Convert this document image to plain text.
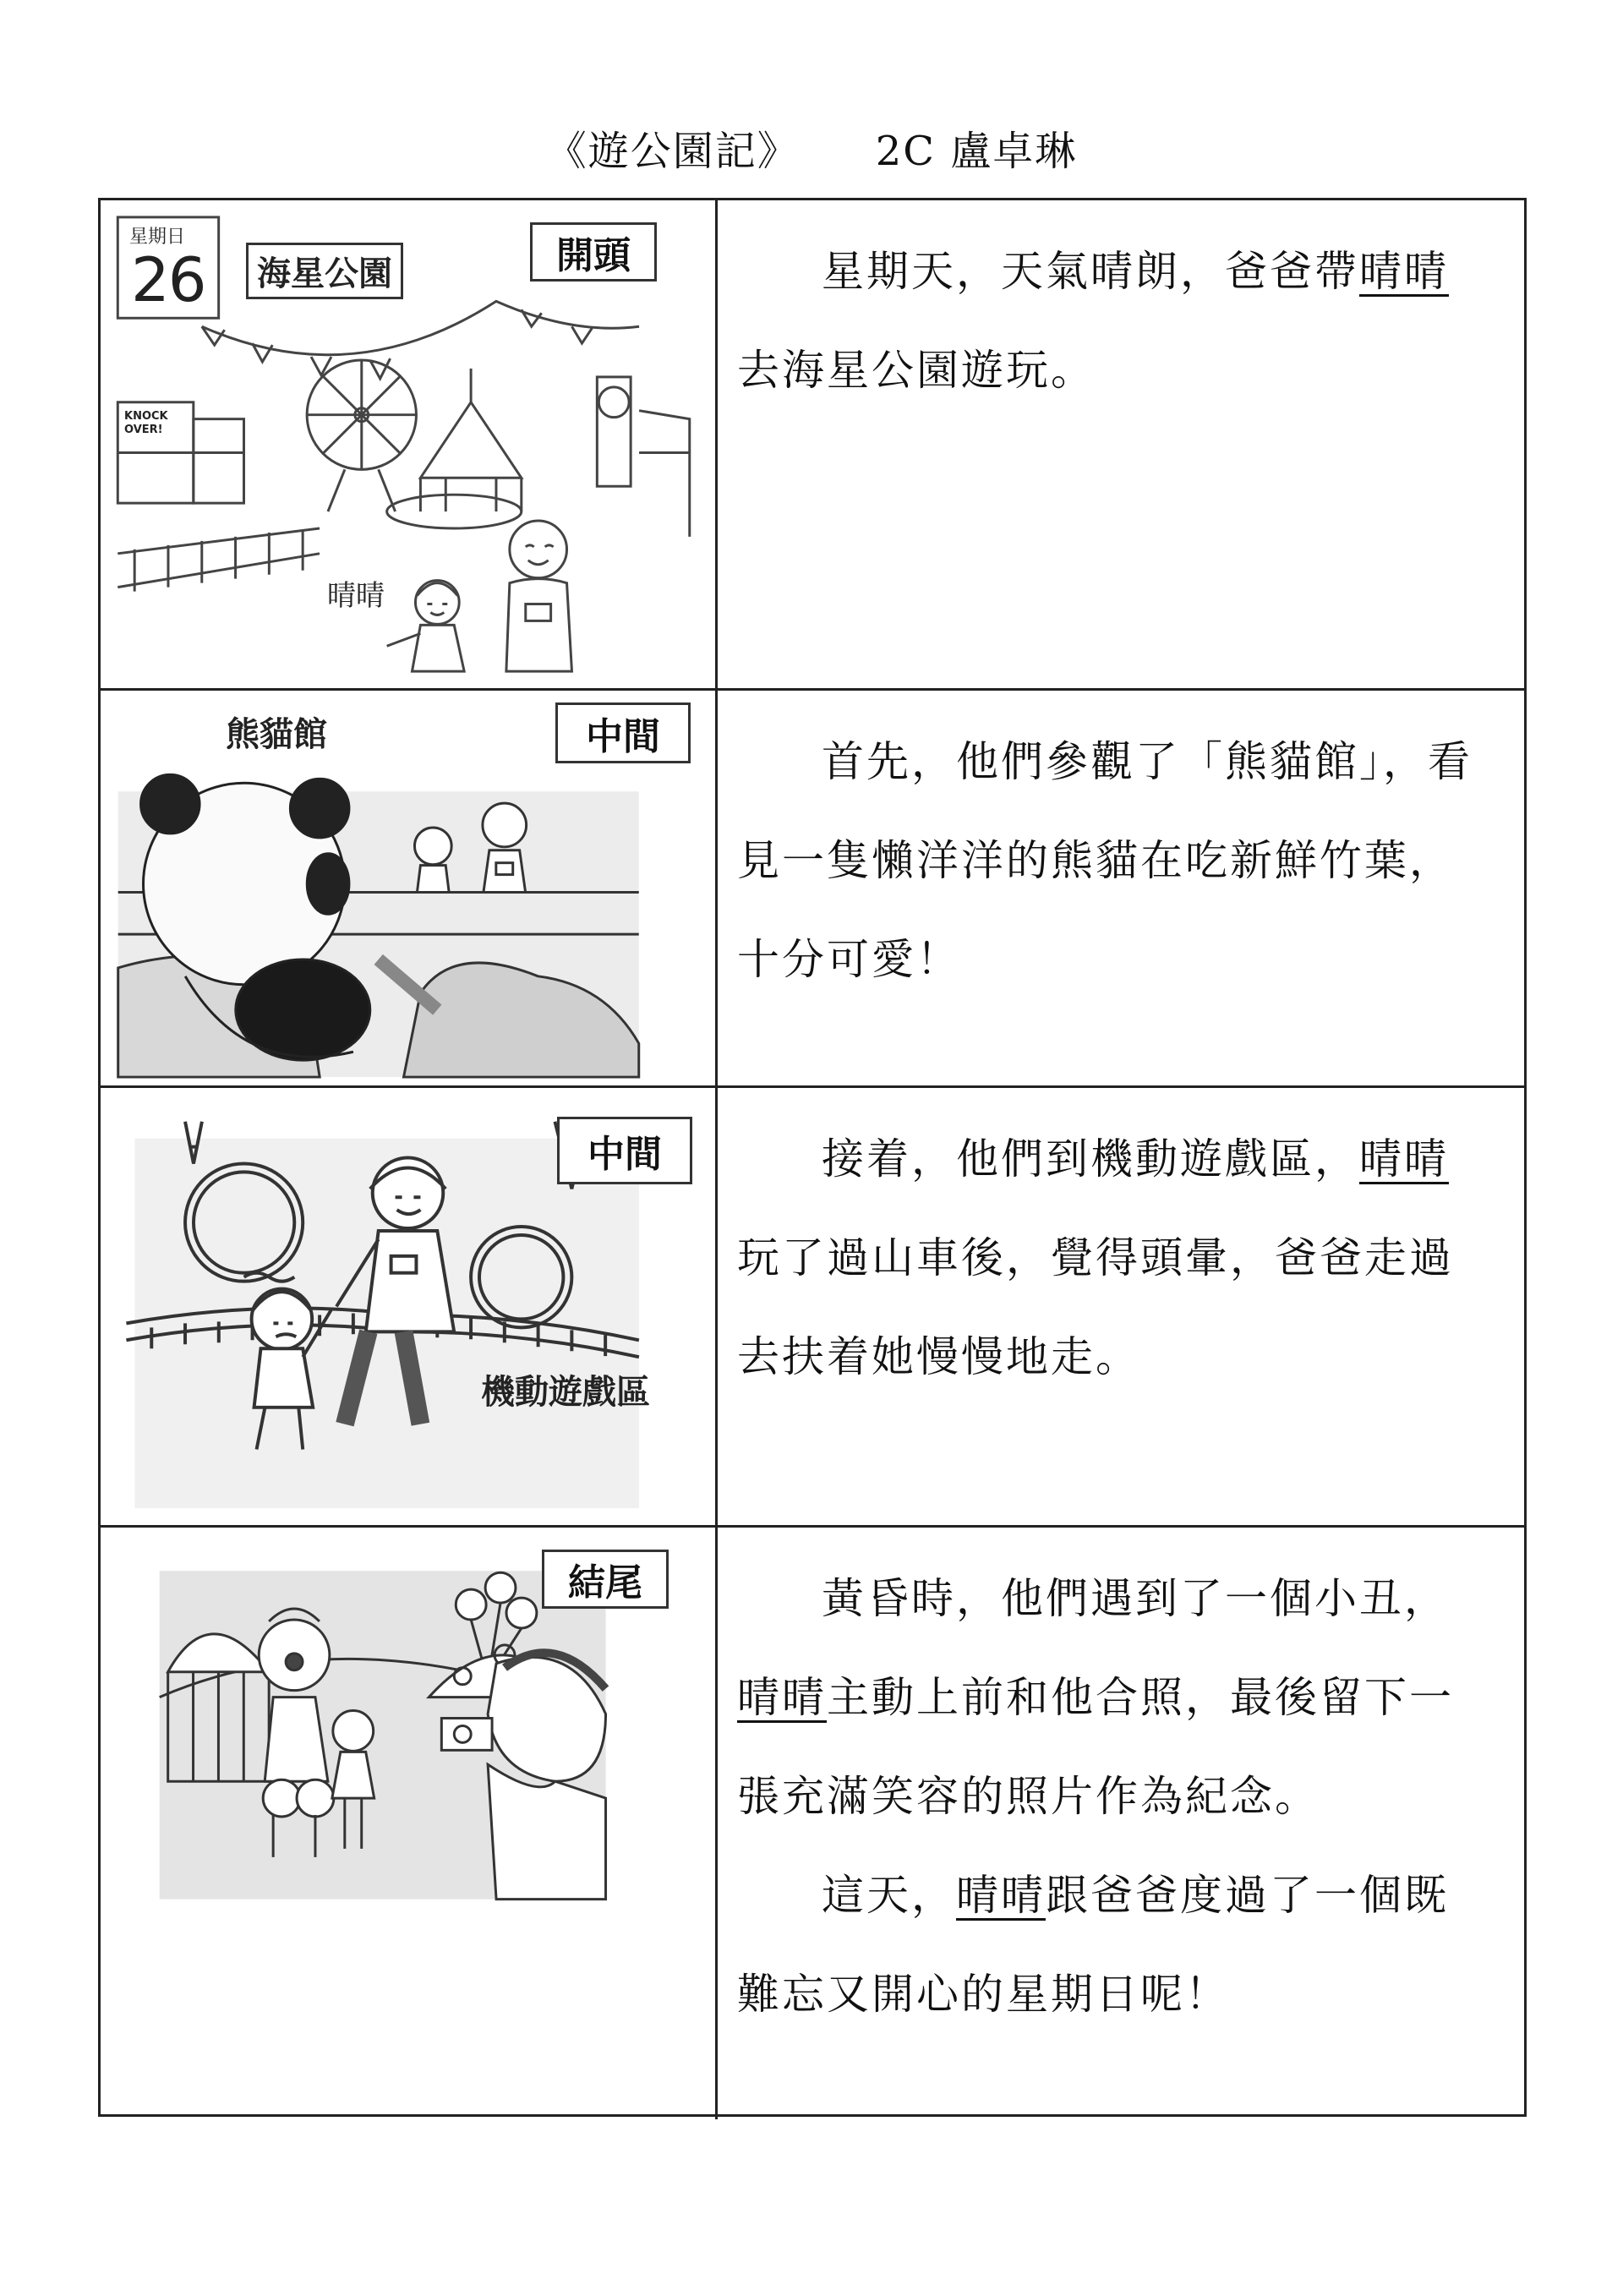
《遊公園記》 2C 盧卓琳
星期日
26	海星公園
KNOCK OVER!
晴晴
開頭	星期天，天氣晴朗，爸爸帶晴晴去海星公園遊玩。

熊貓館	中間

首先，他們參觀了「熊貓館」，看見一隻懶洋洋的熊貓在吃新鮮竹葉，十分可愛！

機動遊戲區
中間	接着，他們到機動遊戲區，晴晴玩了過山車後，覺得頭暈，爸爸走過去扶着她慢慢地走。

結尾	黃昏時，他們遇到了一個小丑，晴晴主動上前和他合照，最後留下一張充滿笑容的照片作為紀念。

這天，晴晴跟爸爸度過了一個既難忘又開心的星期日呢！
